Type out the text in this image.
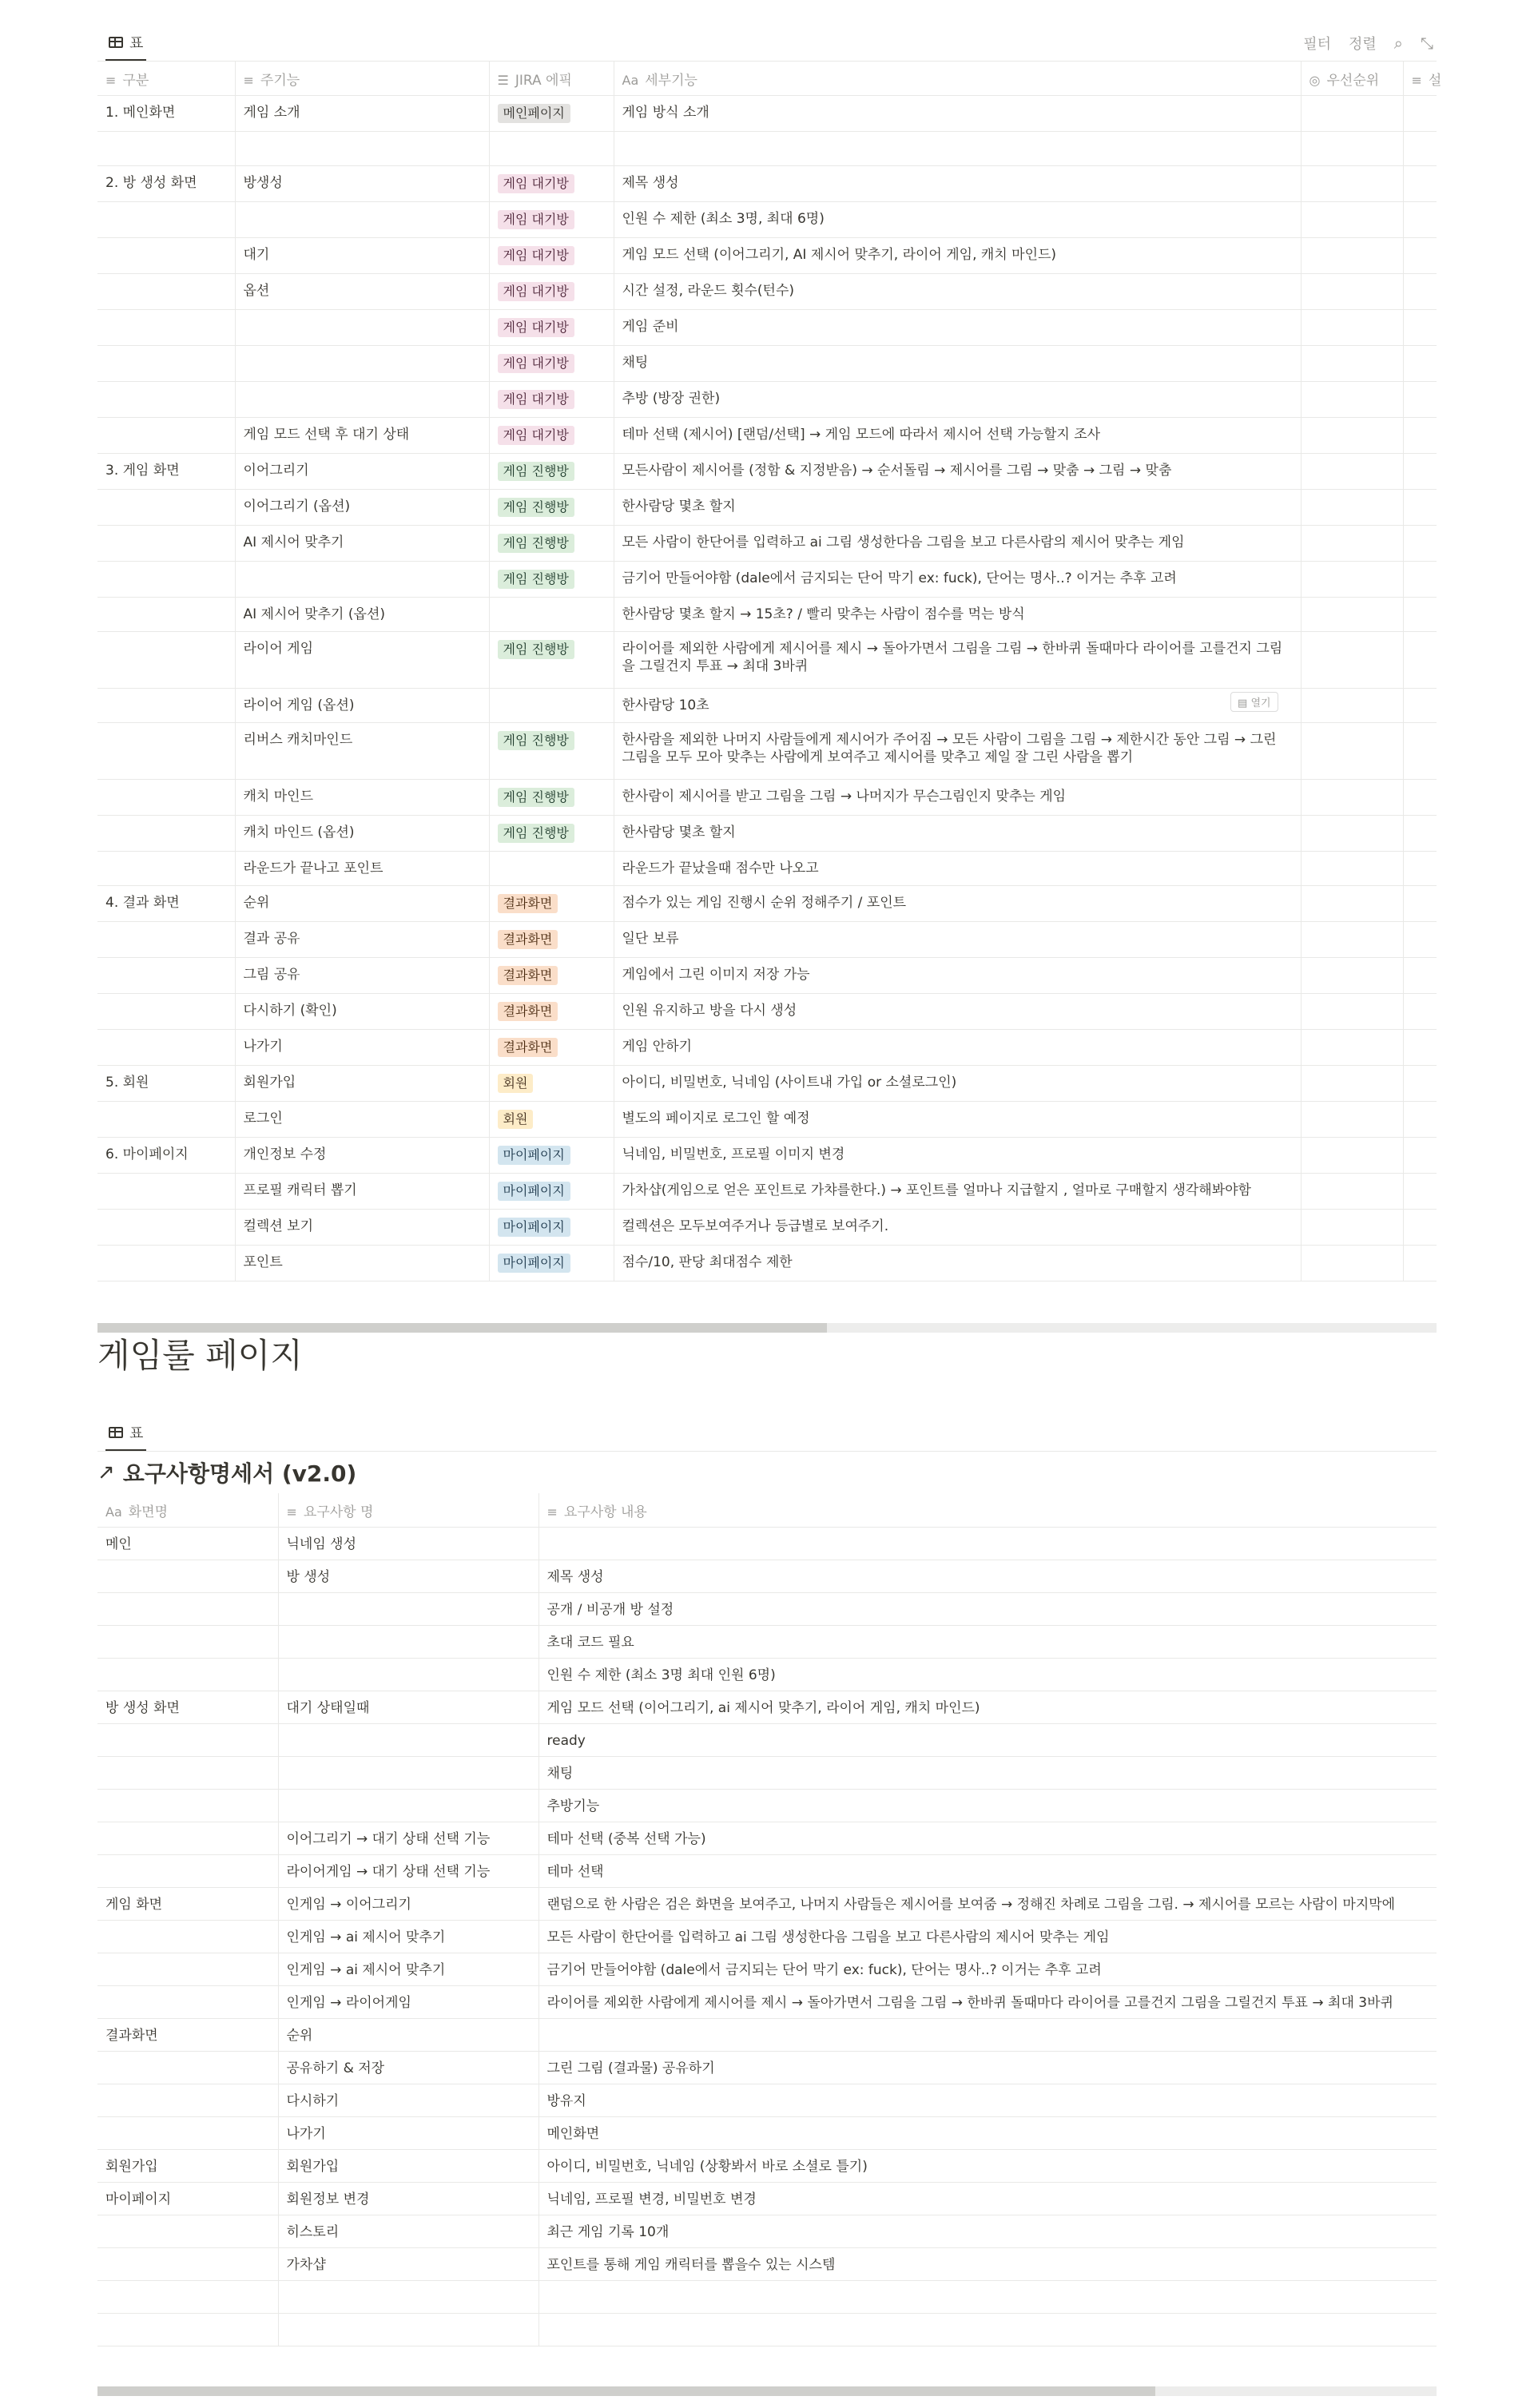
표	필터 정렬 ⌕ ⤡
≡ 구분	≡ 주기능	☰ JIRA 에픽	Aa 세부기능	◎ 우선순위	≡ 설
1. 메인화면	게임 소개	메인페이지	게임 방식 소개		

2. 방 생성 화면	방생성	게임 대기방	제목 생성		
		게임 대기방	인원 수 제한 (최소 3명, 최대 6명)		
	대기	게임 대기방	게임 모드 선택 (이어그리기, AI 제시어 맞추기, 라이어 게임, 캐치 마인드)		
	옵션	게임 대기방	시간 설정, 라운드 횟수(턴수)		
		게임 대기방	게임 준비		
		게임 대기방	채팅		
		게임 대기방	추방 (방장 권한)		
	게임 모드 선택 후 대기 상태	게임 대기방	테마 선택 (제시어) [랜덤/선택] → 게임 모드에 따라서 제시어 선택 가능할지 조사		
3. 게임 화면	이어그리기	게임 진행방	모든사람이 제시어를 (정함 & 지정받음) → 순서돌림 → 제시어를 그림 → 맞춤 → 그림 → 맞춤		
	이어그리기 (옵션)	게임 진행방	한사람당 몇초 할지		
	AI 제시어 맞추기	게임 진행방	모든 사람이 한단어를 입력하고 ai 그림 생성한다음 그림을 보고 다른사람의 제시어 맞추는 게임		
		게임 진행방	금기어 만들어야함 (dale에서 금지되는 단어 막기 ex: fuck), 단어는 명사..? 이거는 추후 고려		
	AI 제시어 맞추기 (옵션)		한사람당 몇초 할지 → 15초? / 빨리 맞추는 사람이 점수를 먹는 방식		
	라이어 게임	게임 진행방	라이어를 제외한 사람에게 제시어를 제시 → 돌아가면서 그림을 그림 → 한바퀴 돌때마다 라이어를 고를건지 그림을 그릴건지 투표 → 최대 3바퀴		
	라이어 게임 (옵션)		한사람당 10초		
	리버스 캐치마인드	게임 진행방	한사람을 제외한 나머지 사람들에게 제시어가 주어짐 → 모든 사람이 그림을 그림 → 제한시간 동안 그림 → 그린 그림을 모두 모아 맞추는 사람에게 보여주고 제시어를 맞추고 제일 잘 그린 사람을 뽑기		
	캐치 마인드	게임 진행방	한사람이 제시어를 받고 그림을 그림 → 나머지가 무슨그림인지 맞추는 게임		
	캐치 마인드 (옵션)	게임 진행방	한사람당 몇초 할지		
	라운드가 끝나고 포인트		라운드가 끝났을때 점수만 나오고		
4. 결과 화면	순위	결과화면	점수가 있는 게임 진행시 순위 정해주기 / 포인트		
	결과 공유	결과화면	일단 보류		
	그림 공유	결과화면	게임에서 그린 이미지 저장 가능		
	다시하기 (확인)	결과화면	인원 유지하고 방을 다시 생성		
	나가기	결과화면	게임 안하기		
5. 회원	회원가입	회원	아이디, 비밀번호, 닉네임 (사이트내 가입 or 소셜로그인)		
	로그인	회원	별도의 페이지로 로그인 할 예정		
6. 마이페이지	개인정보 수정	마이페이지	닉네임, 비밀번호, 프로필 이미지 변경		
	프로필 캐릭터 뽑기	마이페이지	가차샵(게임으로 얻은 포인트로 가챠를한다.) → 포인트를 얼마나 지급할지 , 얼마로 구매할지 생각해봐야함		
	컬렉션 보기	마이페이지	컬렉션은 모두보여주거나 등급별로 보여주기.		
	포인트	마이페이지	점수/10, 판당 최대점수 제한		
▤ 열기
게임룰 페이지
표
↗ 요구사항명세서 (v2.0)
Aa 화면명	≡ 요구사항 명	≡ 요구사항 내용
메인	닉네임 생성	
	방 생성	제목 생성
		공개 / 비공개 방 설정
		초대 코드 필요
		인원 수 제한 (최소 3명 최대 인원 6명)
방 생성 화면	대기 상태일때	게임 모드 선택 (이어그리기, ai 제시어 맞추기, 라이어 게임, 캐치 마인드)
		ready
		채팅
		추방기능
	이어그리기 → 대기 상태 선택 기능	테마 선택 (중복 선택 가능)
	라이어게임 → 대기 상태 선택 기능	테마 선택
게임 화면	인게임 → 이어그리기	랜덤으로 한 사람은 검은 화면을 보여주고, 나머지 사람들은 제시어를 보여줌 → 정해진 차례로 그림을 그림. → 제시어를 모르는 사람이 마지막에
	인게임 → ai 제시어 맞추기	모든 사람이 한단어를 입력하고 ai 그림 생성한다음 그림을 보고 다른사람의 제시어 맞추는 게임
	인게임 → ai 제시어 맞추기	금기어 만들어야함 (dale에서 금지되는 단어 막기 ex: fuck), 단어는 명사..? 이거는 추후 고려
	인게임 → 라이어게임	라이어를 제외한 사람에게 제시어를 제시 → 돌아가면서 그림을 그림 → 한바퀴 돌때마다 라이어를 고를건지 그림을 그릴건지 투표 → 최대 3바퀴
결과화면	순위	
	공유하기 & 저장	그린 그림 (결과물) 공유하기
	다시하기	방유지
	나가기	메인화면
회원가입	회원가입	아이디, 비밀번호, 닉네임 (상황봐서 바로 소셜로 틀기)
마이페이지	회원정보 변경	닉네임, 프로필 변경, 비밀번호 변경
	히스토리	최근 게임 기록 10개
	가차샵	포인트를 통해 게임 캐릭터를 뽑을수 있는 시스템
